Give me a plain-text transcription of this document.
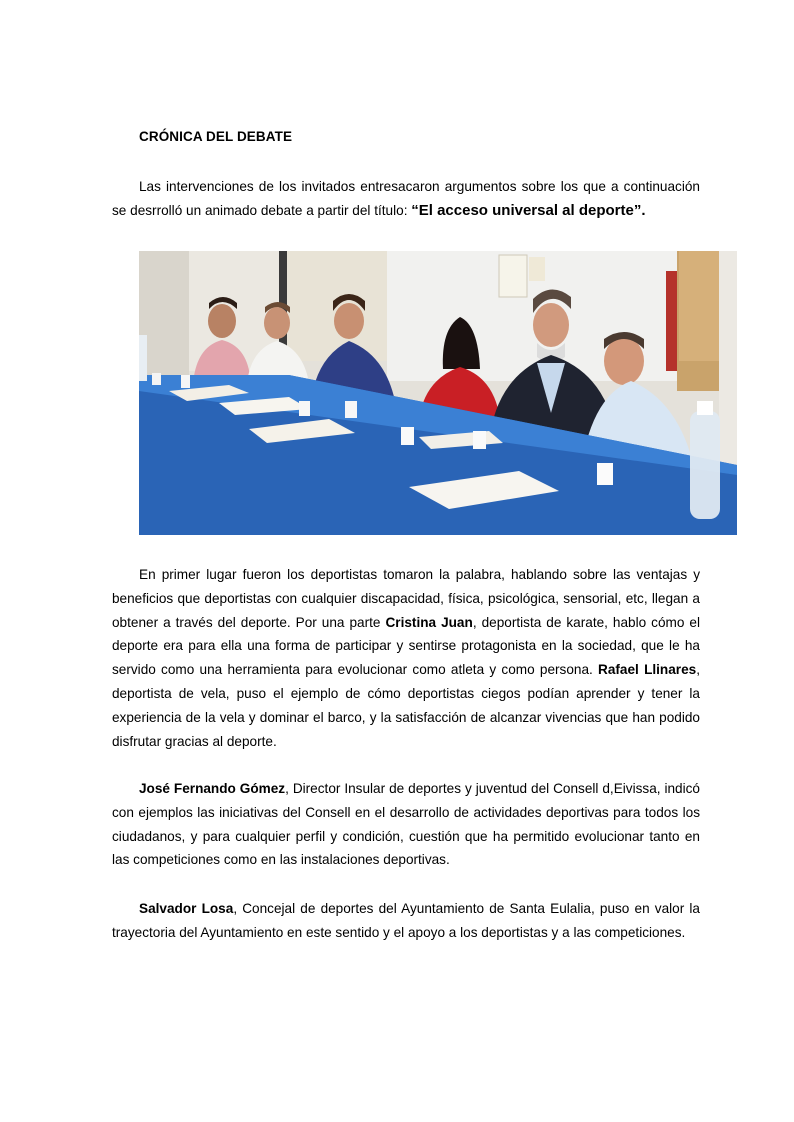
CRÓNICA DEL DEBATE

Las intervenciones de los invitados entresacaron argumentos sobre los que a continuación se desrrolló un animado debate a partir del título: “El acceso universal al deporte”.

En primer lugar fueron los deportistas tomaron la palabra, hablando sobre las ventajas y beneficios que deportistas con cualquier discapacidad, física, psicológica, sensorial, etc, llegan a obtener a través del deporte. Por una parte Cristina Juan, deportista de karate, hablo cómo el deporte era para ella una forma de participar y sentirse protagonista en la sociedad, que le ha servido como una herramienta para evolucionar como atleta y como persona. Rafael Llinares, deportista de vela, puso el ejemplo de cómo deportistas ciegos podían aprender y tener la experiencia de la vela y dominar el barco, y la satisfacción de alcanzar vivencias que han podido disfrutar gracias al deporte.

José Fernando Gómez, Director Insular de deportes y juventud del Consell d,Eivissa, indicó con ejemplos las iniciativas del Consell en el desarrollo de actividades deportivas para todos los ciudadanos, y para cualquier perfil y condición, cuestión que ha permitido evolucionar tanto en las competiciones como en las instalaciones deportivas.

Salvador Losa, Concejal de deportes del Ayuntamiento de Santa Eulalia, puso en valor la trayectoria del Ayuntamiento en este sentido y el apoyo a los deportistas y a las competiciones.
